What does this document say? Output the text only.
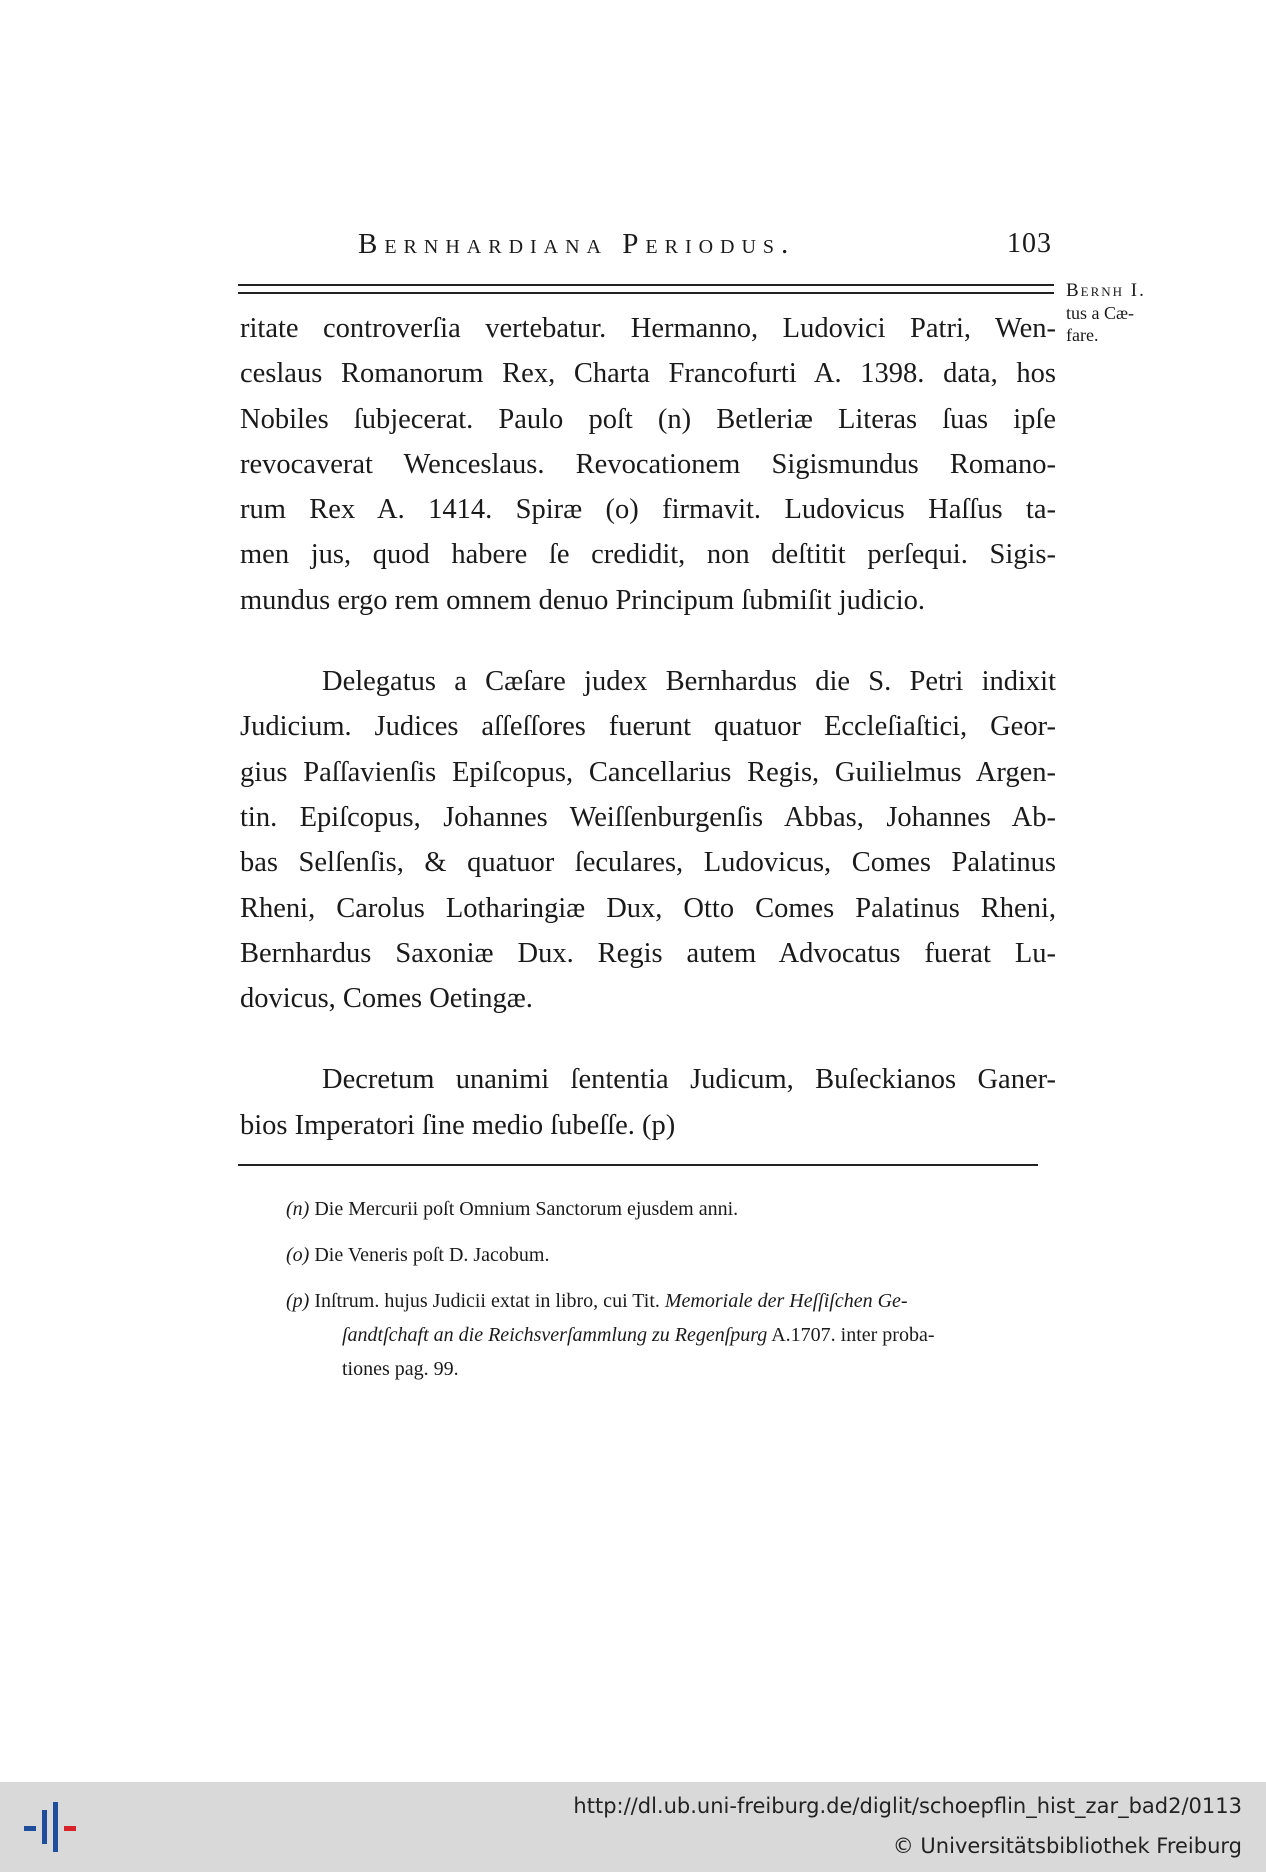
Bernhardiana Periodus.	103
Bernh I.
tus a Cæ-
fare.
ritate controverſia vertebatur. Hermanno, Ludovici Patri, Wen-
ceslaus Romanorum Rex, Charta Francofurti A. 1398. data, hos
Nobiles ſubjecerat. Paulo poſt (n) Betleriæ Literas ſuas ipſe
revocaverat Wenceslaus. Revocationem Sigismundus Romano-
rum Rex A. 1414. Spiræ (o) firmavit. Ludovicus Haſſus ta-
men jus, quod habere ſe credidit, non deſtitit perſequi. Sigis-
mundus ergo rem omnem denuo Principum ſubmiſit judicio.
Delegatus a Cæſare judex Bernhardus die S. Petri indixit
Judicium. Judices aſſeſſores fuerunt quatuor Eccleſiaſtici, Geor-
gius Paſſavienſis Epiſcopus, Cancellarius Regis, Guilielmus Argen-
tin. Epiſcopus, Johannes Weiſſenburgenſis Abbas, Johannes Ab-
bas Selſenſis, & quatuor ſeculares, Ludovicus, Comes Palatinus
Rheni, Carolus Lotharingiæ Dux, Otto Comes Palatinus Rheni,
Bernhardus Saxoniæ Dux. Regis autem Advocatus fuerat Lu-
dovicus, Comes Oetingæ.
Decretum unanimi ſententia Judicum, Buſeckianos Ganer-
bios Imperatori ſine medio ſubeſſe. (p)

(n) Die Mercurii poſt Omnium Sanctorum ejusdem anni.

(o) Die Veneris poſt D. Jacobum.

(p) Inſtrum. hujus Judicii extat in libro, cui Tit. Memoriale der Heſſiſchen Ge-
ſandtſchaft an die Reichsverſammlung zu Regenſpurg A.1707. inter proba-
tiones pag. 99.

http://dl.ub.uni-freiburg.de/diglit/schoepflin_hist_zar_bad2/0113
© Universitätsbibliothek Freiburg
